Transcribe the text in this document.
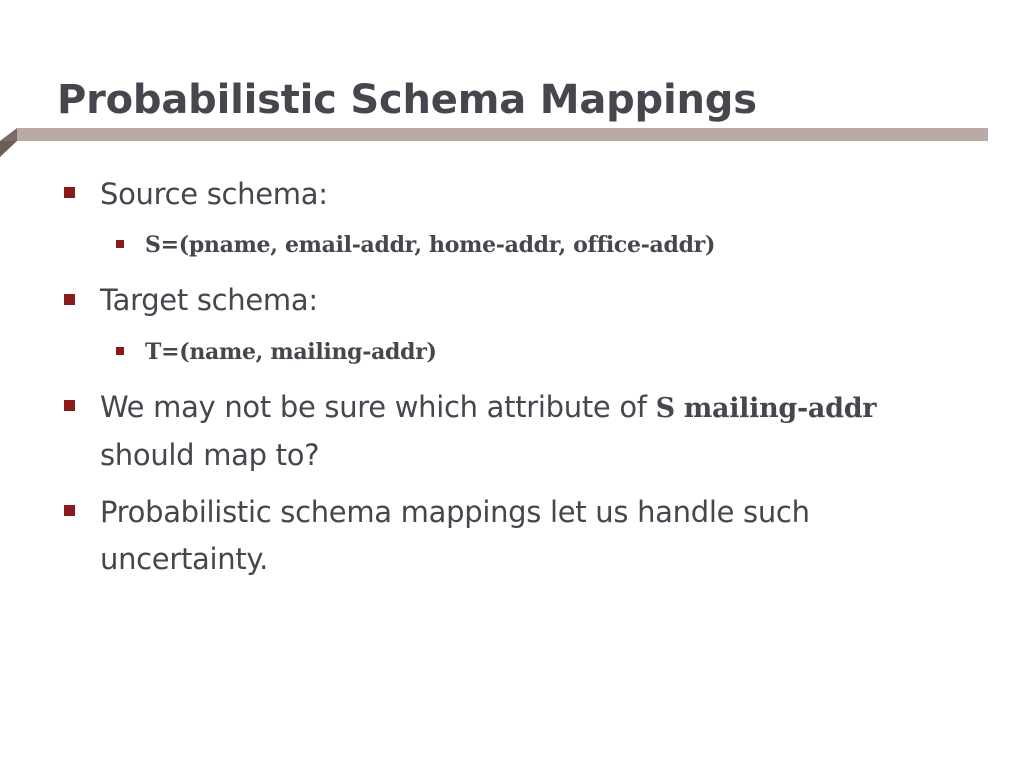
Probabilistic Schema Mappings
Source schema:
S=(pname, email-addr, home-addr, office-addr)
Target schema:
T=(name, mailing-addr)
We may not be sure which attribute of S mailing-addr should map to?
Probabilistic schema mappings let us handle such uncertainty.
